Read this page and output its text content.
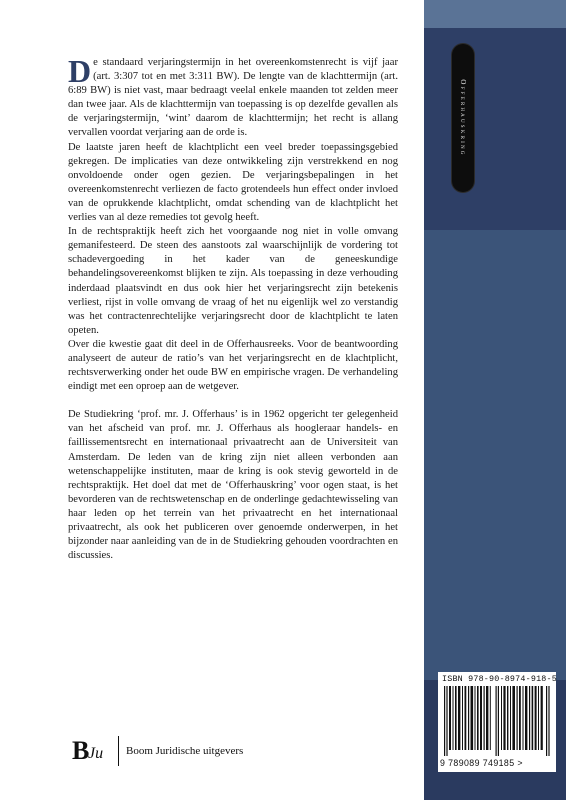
Offerhauskring

De standaard verjaringstermijn in het overeenkomstenrecht is vijf jaar (art. 3:307 tot en met 3:311 BW). De lengte van de klachttermijn (art. 6:89 BW) is niet vast, maar bedraagt veelal enkele maanden tot zelden meer dan twee jaar. Als de klachttermijn van toepassing is op dezelfde gevallen als de verjaringstermijn, ‘wint’ daarom de klachttermijn; het recht is allang vervallen voordat verjaring aan de orde is.

De laatste jaren heeft de klachtplicht een veel breder toepassingsgebied gekregen. De implicaties van deze ontwikkeling zijn verstrekkend en nog onvoldoende onder ogen gezien. De verjaringsbepalingen in het overeenkomstenrecht verliezen de facto grotendeels hun effect onder invloed van de oprukkende klachtplicht, omdat schending van de klachtplicht het verlies van al deze remedies tot gevolg heeft.

In de rechtspraktijk heeft zich het voorgaande nog niet in volle omvang gemanifesteerd. De steen des aanstoots zal waarschijnlijk de vordering tot schadevergoeding in het kader van de geneeskundige behandelingsovereenkomst blijken te zijn. Als toepassing in deze verhouding inderdaad plaatsvindt en dus ook hier het verjaringsrecht zijn betekenis verliest, rijst in volle omvang de vraag of het nu eigenlijk wel zo verstandig was het contractenrechtelijke verjaringsrecht door de klachtplicht te laten opeten.

Over die kwestie gaat dit deel in de Offerhausreeks. Voor de beantwoording analyseert de auteur de ratio’s van het verjaringsrecht en de klachtplicht, rechtsverwerking onder het oude BW en empirische vragen. De verhandeling eindigt met een oproep aan de wetgever.

De Studiekring ‘prof. mr. J. Offerhaus’ is in 1962 opgericht ter gelegenheid van het afscheid van prof. mr. J. Offerhaus als hoogleraar handels- en faillissementsrecht en internationaal privaatrecht aan de Universiteit van Amsterdam. De leden van de kring zijn niet alleen verbonden aan wetenschappelijke instituten, maar de kring is ook stevig geworteld in de rechtspraktijk. Het doel dat met de ‘Offerhauskring’ voor ogen staat, is het bevorderen van de rechtswetenschap en de onderlinge gedachtewisseling van haar leden op het terrein van het privaatrecht en het internationaal privaatrecht, als ook het publiceren over genoemde onderwerpen, in het bijzonder naar aanleiding van de in de Studiekring gehouden voordrachten en discussies.

ISBN 978-90-8974-918-5
9 789089 749185 >
B
Ju Boom Juridische uitgevers
